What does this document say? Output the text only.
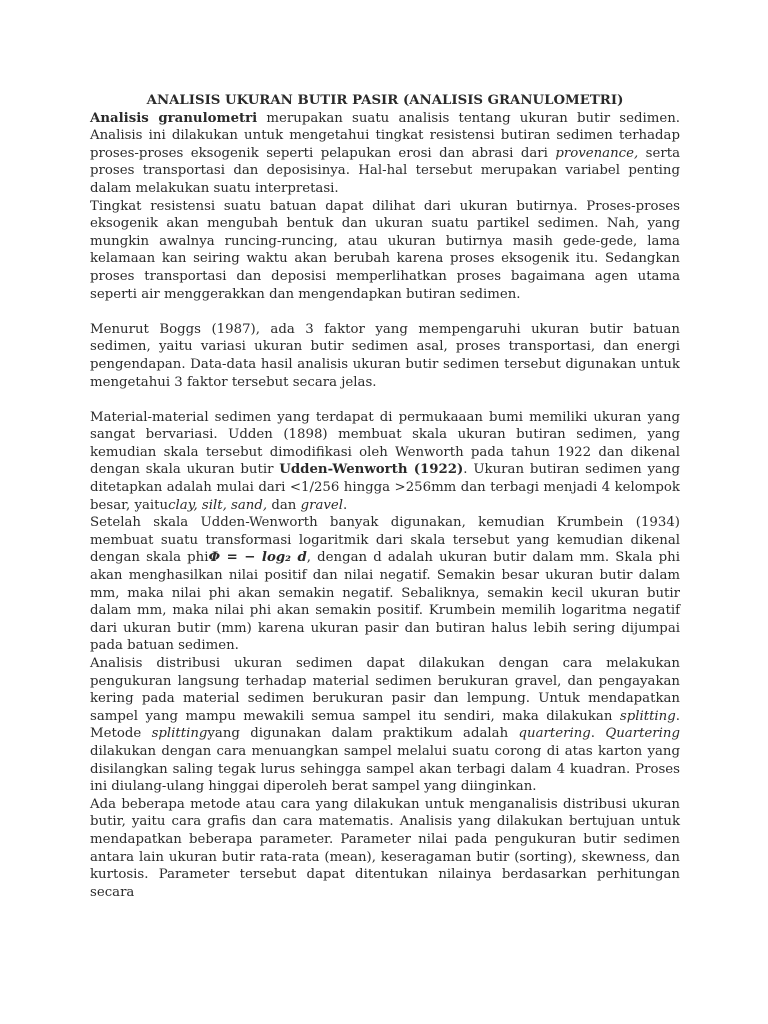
ANALISIS UKURAN BUTIR PASIR (ANALISIS GRANULOMETRI)

Analisis granulometri merupakan suatu analisis tentang ukuran butir sedimen. Analisis ini dilakukan untuk mengetahui tingkat resistensi butiran sedimen terhadap proses-proses eksogenik seperti pelapukan erosi dan abrasi dari provenance, serta proses transportasi dan deposisinya. Hal-hal tersebut merupakan variabel penting dalam melakukan suatu interpretasi.

Tingkat resistensi suatu batuan dapat dilihat dari ukuran butirnya. Proses-proses eksogenik akan mengubah bentuk dan ukuran suatu partikel sedimen. Nah, yang mungkin awalnya runcing-runcing, atau ukuran butirnya masih gede-gede, lama kelamaan kan seiring waktu akan berubah karena proses eksogenik itu. Sedangkan proses transportasi dan deposisi memperlihatkan proses bagaimana agen utama seperti air menggerakkan dan mengendapkan butiran sedimen.

Menurut Boggs (1987), ada 3 faktor yang mempengaruhi ukuran butir batuan sedimen, yaitu variasi ukuran butir sedimen asal, proses transportasi, dan energi pengendapan. Data-data hasil analisis ukuran butir sedimen tersebut digunakan untuk mengetahui 3 faktor tersebut secara jelas.

Material-material sedimen yang terdapat di permukaaan bumi memiliki ukuran yang sangat bervariasi. Udden (1898) membuat skala ukuran butiran sedimen, yang kemudian skala tersebut dimodifikasi oleh Wenworth pada tahun 1922 dan dikenal dengan skala ukuran butir Udden-Wenworth (1922). Ukuran butiran sedimen yang ditetapkan adalah mulai dari <1/256 hingga >256mm dan terbagi menjadi 4 kelompok besar, yaituclay, silt, sand, dan gravel.

Setelah skala Udden-Wenworth banyak digunakan, kemudian Krumbein (1934) membuat suatu transformasi logaritmik dari skala tersebut yang kemudian dikenal dengan skala phiΦ = − log₂ d, dengan d adalah ukuran butir dalam mm. Skala phi akan menghasilkan nilai positif dan nilai negatif. Semakin besar ukuran butir dalam mm, maka nilai phi akan semakin negatif. Sebaliknya, semakin kecil ukuran butir dalam mm, maka nilai phi akan semakin positif. Krumbein memilih logaritma negatif dari ukuran butir (mm) karena ukuran pasir dan butiran halus lebih sering dijumpai pada batuan sedimen.

Analisis distribusi ukuran sedimen dapat dilakukan dengan cara melakukan pengukuran langsung terhadap material sedimen berukuran gravel, dan pengayakan kering pada material sedimen berukuran pasir dan lempung. Untuk mendapatkan sampel yang mampu mewakili semua sampel itu sendiri, maka dilakukan splitting. Metode splittingyang digunakan dalam praktikum adalah quartering. Quartering dilakukan dengan cara menuangkan sampel melalui suatu corong di atas karton yang disilangkan saling tegak lurus sehingga sampel akan terbagi dalam 4 kuadran. Proses ini diulang-ulang hinggai diperoleh berat sampel yang diinginkan.

Ada beberapa metode atau cara yang dilakukan untuk menganalisis distribusi ukuran butir, yaitu cara grafis dan cara matematis. Analisis yang dilakukan bertujuan untuk mendapatkan beberapa parameter. Parameter nilai pada pengukuran butir sedimen antara lain ukuran butir rata-rata (mean), keseragaman butir (sorting), skewness, dan kurtosis. Parameter tersebut dapat ditentukan nilainya berdasarkan perhitungan secara
